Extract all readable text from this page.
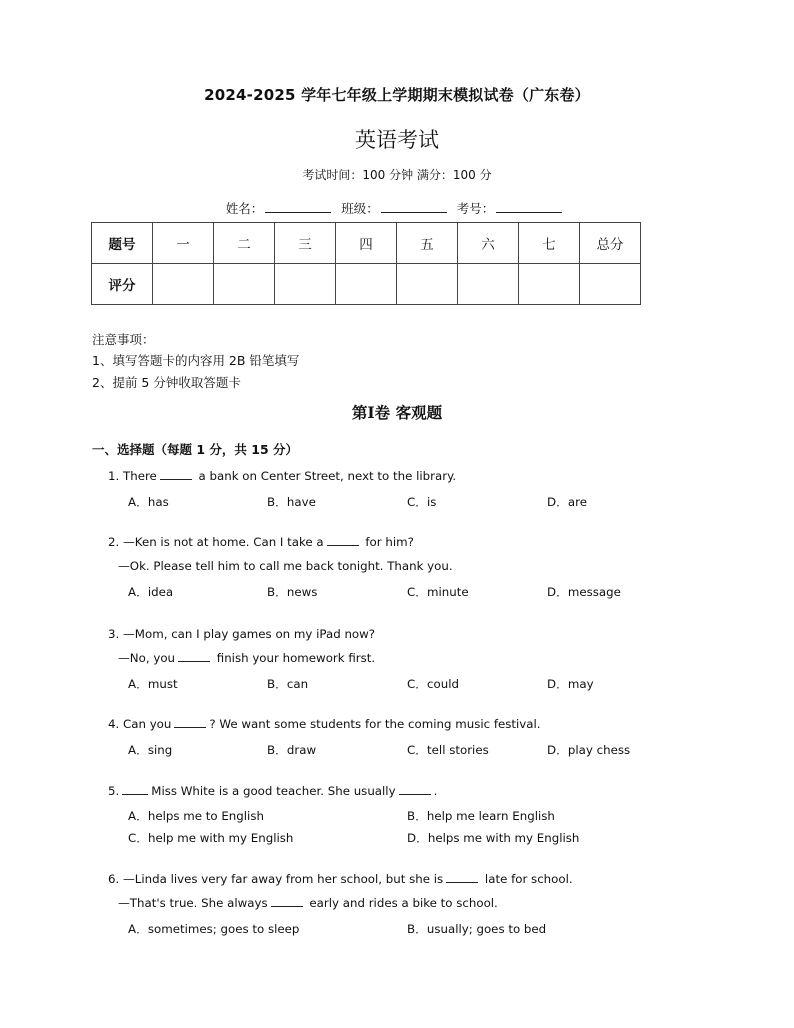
2024-2025 学年七年级上学期期末模拟试卷（广东卷）
英语考试
考试时间：100 分钟 满分：100 分
姓名：	班级：	考号：
题号	一	二	三	四	五	六	七	总分
评分								
注意事项：
1、填写答题卡的内容用 2B 铅笔填写
2、提前 5 分钟收取答题卡
第Ⅰ卷 客观题
一、选择题（每题 1 分，共 15 分）
1. There	a bank on Center Street, next to the library.
A．has	B．have	C．is	D．are
2. —Ken is not at home. Can I take a	for him?
—Ok. Please tell him to call me back tonight. Thank you.
A．idea	B．news	C．minute	D．message
3. —Mom, can I play games on my iPad now?
—No, you	finish your homework first.
A．must	B．can	C．could	D．may
4. Can you	? We want some students for the coming music festival.
A．sing	B．draw	C．tell stories	D．play chess
5.	Miss White is a good teacher. She usually	.
A．helps me to English	B．help me learn English
C．help me with my English	D．helps me with my English
6. —Linda lives very far away from her school, but she is	late for school.
—That's true. She always	early and rides a bike to school.
A．sometimes; goes to sleep	B．usually; goes to bed
